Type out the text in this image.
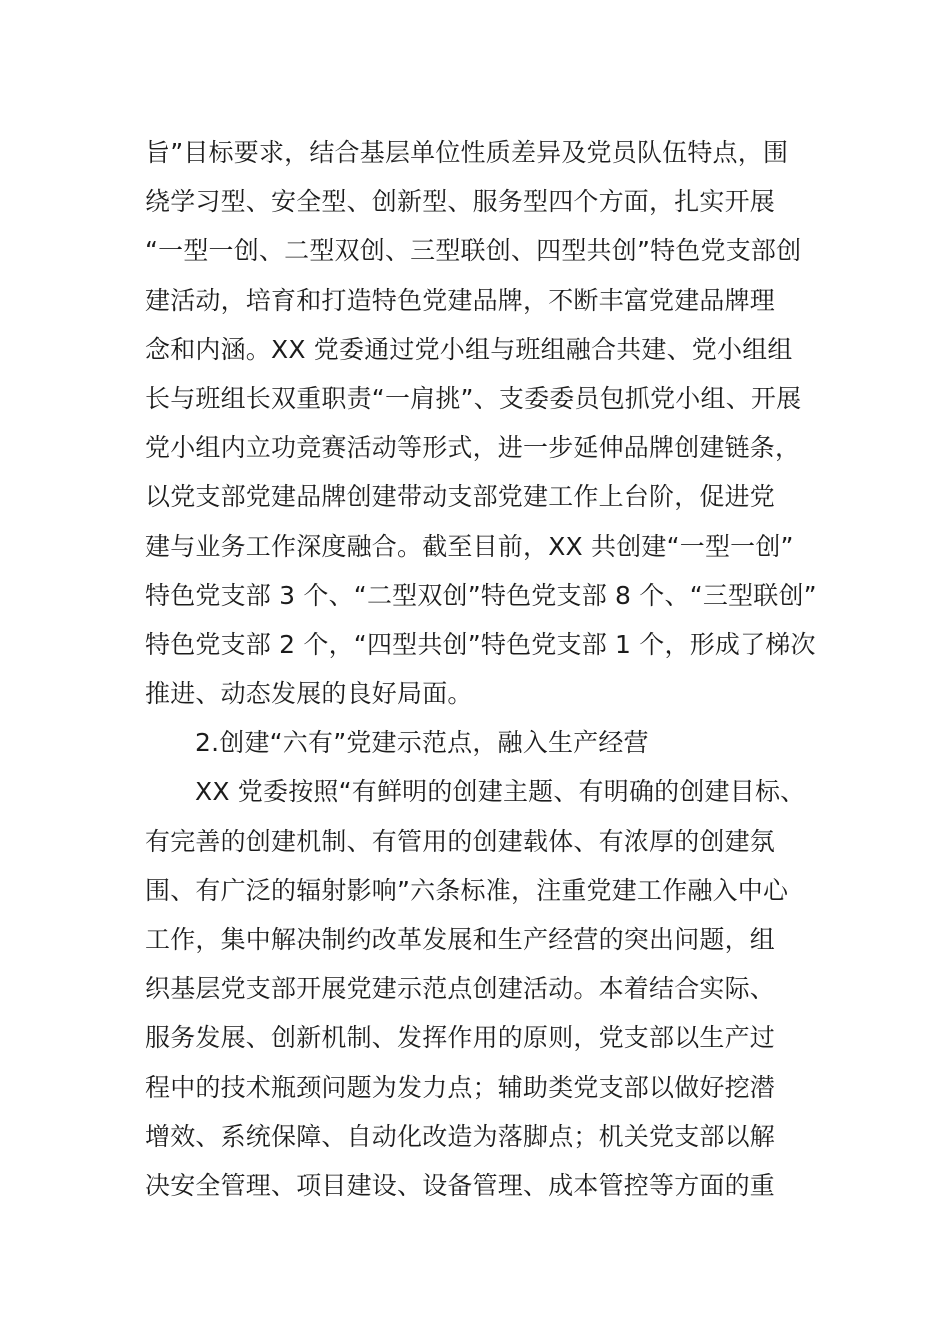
旨”目标要求，结合基层单位性质差异及党员队伍特点，围
绕学习型、安全型、创新型、服务型四个方面，扎实开展
“一型一创、二型双创、三型联创、四型共创”特色党支部创
建活动，培育和打造特色党建品牌，不断丰富党建品牌理
念和内涵。XX 党委通过党小组与班组融合共建、党小组组
长与班组长双重职责“一肩挑”、支委委员包抓党小组、开展
党小组内立功竞赛活动等形式，进一步延伸品牌创建链条，
以党支部党建品牌创建带动支部党建工作上台阶，促进党
建与业务工作深度融合。截至目前，XX 共创建“一型一创”
特色党支部 3 个、“二型双创”特色党支部 8 个、“三型联创”
特色党支部 2 个，“四型共创”特色党支部 1 个，形成了梯次
推进、动态发展的良好局面。
2.创建“六有”党建示范点，融入生产经营
XX 党委按照“有鲜明的创建主题、有明确的创建目标、
有完善的创建机制、有管用的创建载体、有浓厚的创建氛
围、有广泛的辐射影响”六条标准，注重党建工作融入中心
工作，集中解决制约改革发展和生产经营的突出问题，组
织基层党支部开展党建示范点创建活动。本着结合实际、
服务发展、创新机制、发挥作用的原则，党支部以生产过
程中的技术瓶颈问题为发力点；辅助类党支部以做好挖潜
增效、系统保障、自动化改造为落脚点；机关党支部以解
决安全管理、项目建设、设备管理、成本管控等方面的重
